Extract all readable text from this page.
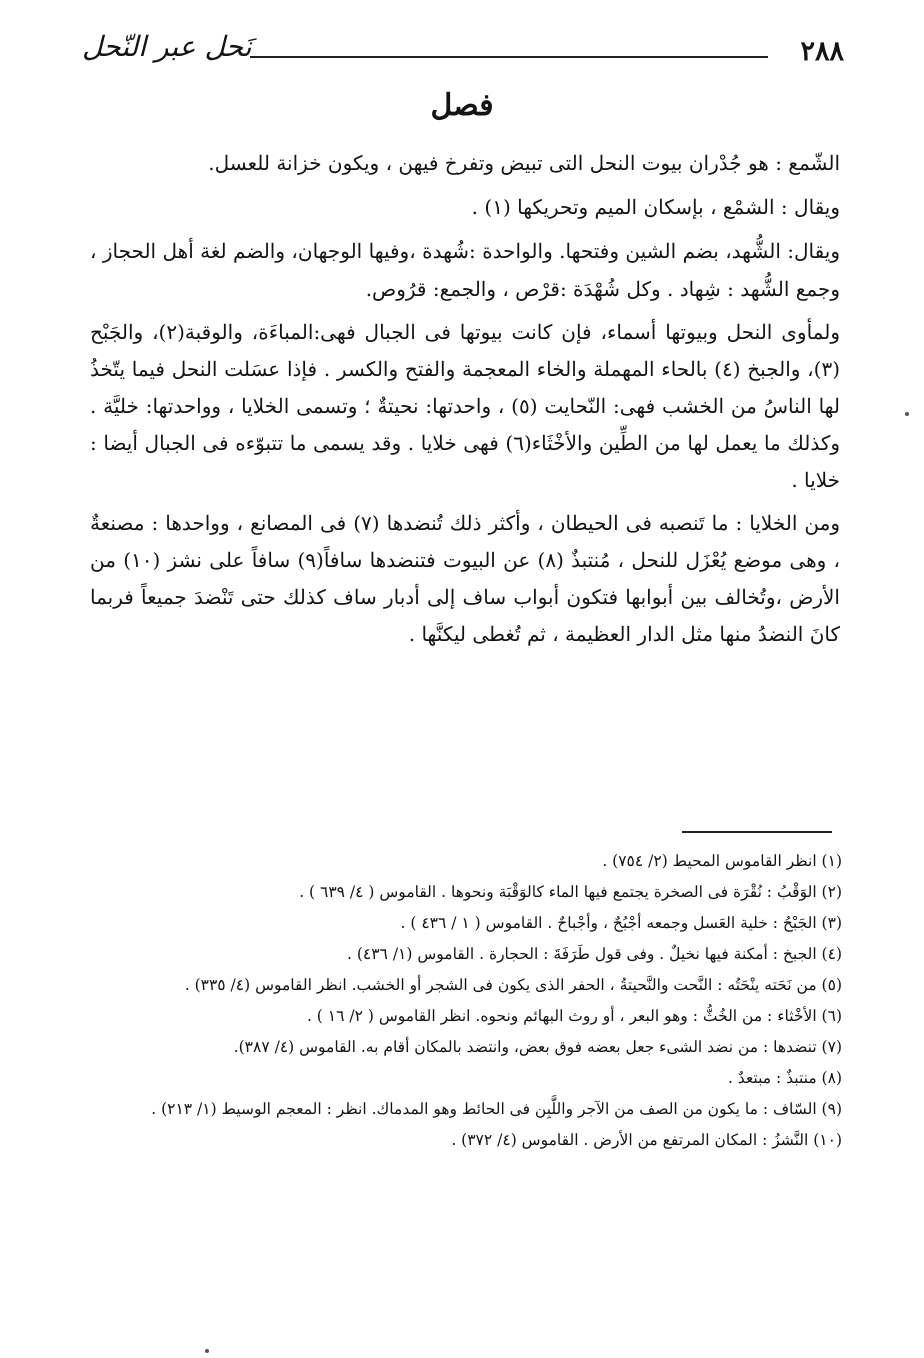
٢٨٨
نَحل عبر النّحل
فصل

الشّمع : هو جُدْران بيوت النحل التى تبيض وتفرخ فيهن ، ويكون خزانة للعسل.

ويقال : الشمْع ، بإسكان الميم وتحريكها (١) .

ويقال: الشُّهد، بضم الشين وفتحها. والواحدة :شُهدة ،وفيها الوجهان، والضم لغة أهل الحجاز ، وجمع الشُّهد : شِهاد . وكل شُهْدَة :قرْص ، والجمع: قرُوص.

ولمأوى النحل وبيوتها أسماء، فإن كانت بيوتها فى الجبال فهى:المباءَة، والوقبة(٢)، والجَبْح (٣)، والجبخ (٤) بالحاء المهملة والخاء المعجمة والفتح والكسر . فإذا عسَلت النحل فيما يتّخذُ لها الناسُ من الخشب فهى: النّحايت (٥) ، واحدتها: نحيتةٌ ؛ وتسمى الخلايا ، وواحدتها: خليَّة . وكذلك ما يعمل لها من الطِّين والأخْثَاء(٦) فهى خلايا . وقد يسمى ما تتبوّءه فى الجبال أيضا : خلايا .

ومن الخلايا : ما تَنصبه فى الحيطان ، وأكثر ذلك تُنضدها (٧) فى المصانع ، وواحدها : مصنعةٌ ، وهى موضع يُعْزَل للنحل ، مُنتبذٌ (٨) عن البيوت فتنضدها سافاً(٩) سافاً على نشز (١٠) من الأرض ،وتُخالف بين أبوابها فتكون أبواب ساف إلى أدبار ساف كذلك حتى تَنْضدَ جميعاً فربما كانَ النضدُ منها مثل الدار العظيمة ، ثم تُغطى ليكنَّها .

(١) انظر القاموس المحيط (٢/ ٧٥٤) .

(٢) الوَقْبُ : نُقْرَة فى الصخرة يجتمع فيها الماء كالوَقْبَة ونحوها . القاموس ( ٤/ ٦٣٩ ) .

(٣) الجَبْحُ : خلية العَسل وجمعه أجْبُحٌ ، وأجْباحٌ . القاموس ( ١ / ٤٣٦ ) .

(٤) الجبخ : أمكنة فيها نخيلٌ . وفى قول طَرَفَةَ : الحجارة . القاموس (١/ ٤٣٦) .

(٥) من نَحَته ينْحَتُه : النَّحت والنَّحيتةُ ، الحفر الذى يكون فى الشجر أو الخشب. انظر القاموس (٤/ ٣٣٥) .

(٦) الأخْثاء : من الخُثُّ : وهو البعر ، أو روث البهائم ونحوه. انظر القاموس ( ٢/ ١٦ ) .

(٧) تنضدها : من نضد الشىء جعل بعضه فوق بعض، وانتضد بالمكان أقام به. القاموس (٤/ ٣٨٧).

(٨) منتبذٌ : مبتعدٌ .

(٩) السّاف : ما يكون من الصف من الآجر واللَّبِن فى الحائط وهو المدماك. انظر : المعجم الوسيط (١/ ٢١٣) .

(١٠) النَّشزُ : المكان المرتفع من الأرض . القاموس (٤/ ٣٧٢) .
